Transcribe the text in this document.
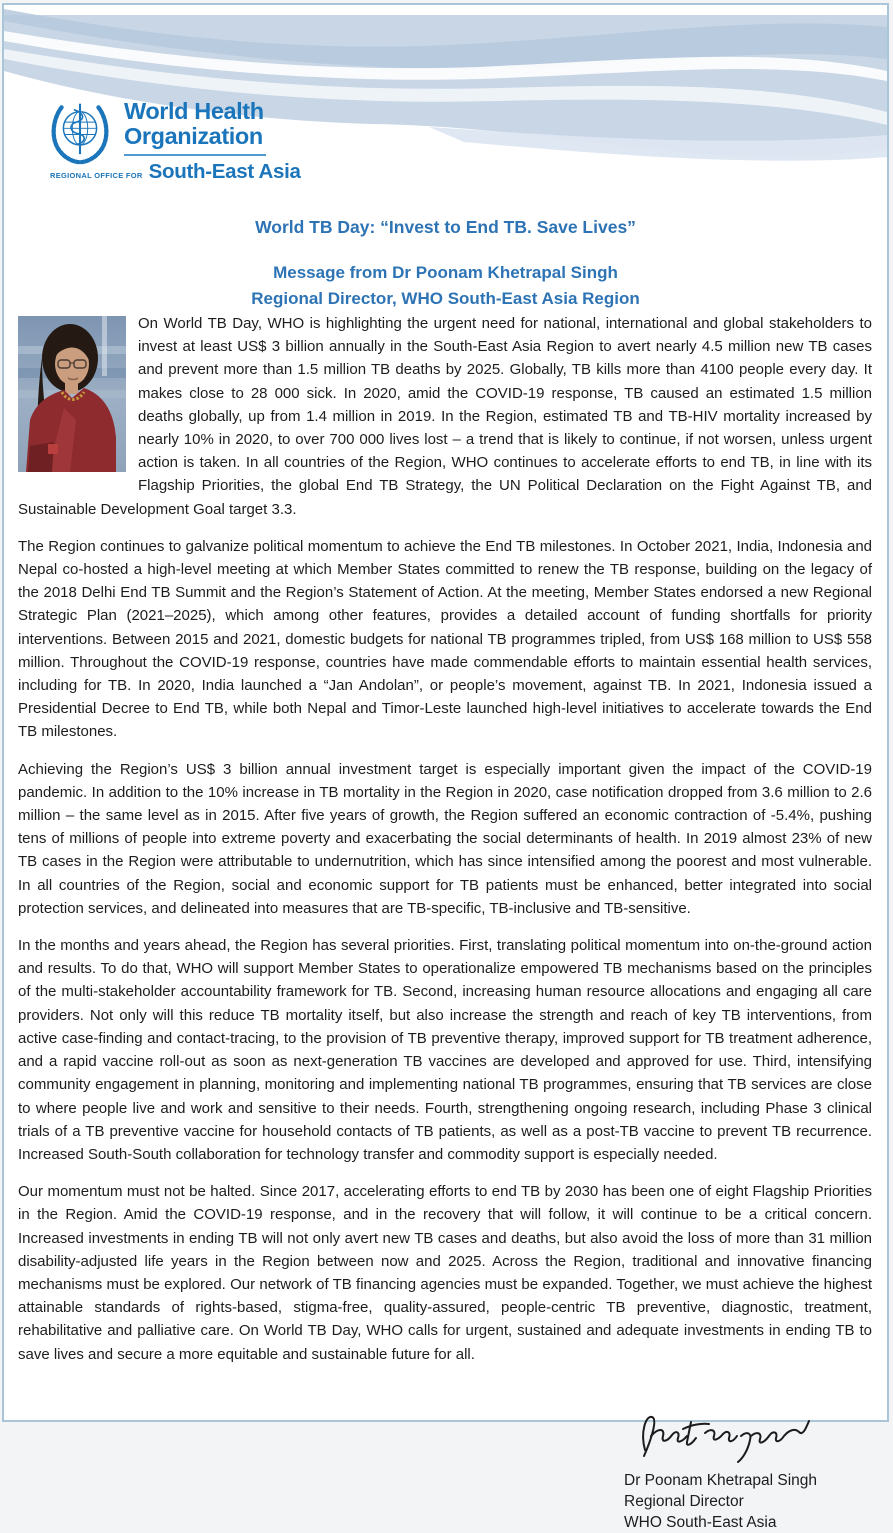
World Health
Organization
REGIONAL OFFICE FOR South-East Asia
World TB Day: “Invest to End TB. Save Lives”
Message from Dr Poonam Khetrapal Singh
Regional Director, WHO South-East Asia Region
On World TB Day, WHO is highlighting the urgent need for national, international and global stakeholders to invest at least US$ 3 billion annually in the South-East Asia Region to avert nearly 4.5 million new TB cases and prevent more than 1.5 million TB deaths by 2025. Globally, TB kills more than 4100 people every day. It makes close to 28 000 sick. In 2020, amid the COVID-19 response, TB caused an estimated 1.5 million deaths globally, up from 1.4 million in 2019. In the Region, estimated TB and TB-HIV mortality increased by nearly 10% in 2020, to over 700 000 lives lost – a trend that is likely to continue, if not worsen, unless urgent action is taken. In all countries of the Region, WHO continues to accelerate efforts to end TB, in line with its Flagship Priorities, the global End TB Strategy, the UN Political Declaration on the Fight Against TB, and Sustainable Development Goal target 3.3.

The Region continues to galvanize political momentum to achieve the End TB milestones. In October 2021, India, Indonesia and Nepal co-hosted a high-level meeting at which Member States committed to renew the TB response, building on the legacy of the 2018 Delhi End TB Summit and the Region’s Statement of Action. At the meeting, Member States endorsed a new Regional Strategic Plan (2021–2025), which among other features, provides a detailed account of funding shortfalls for priority interventions. Between 2015 and 2021, domestic budgets for national TB programmes tripled, from US$ 168 million to US$ 558 million. Throughout the COVID-19 response, countries have made commendable efforts to maintain essential health services, including for TB. In 2020, India launched a “Jan Andolan”, or people’s movement, against TB. In 2021, Indonesia issued a Presidential Decree to End TB, while both Nepal and Timor-Leste launched high-level initiatives to accelerate towards the End TB milestones.

Achieving the Region’s US$ 3 billion annual investment target is especially important given the impact of the COVID-19 pandemic. In addition to the 10% increase in TB mortality in the Region in 2020, case notification dropped from 3.6 million to 2.6 million – the same level as in 2015. After five years of growth, the Region suffered an economic contraction of -5.4%, pushing tens of millions of people into extreme poverty and exacerbating the social determinants of health. In 2019 almost 23% of new TB cases in the Region were attributable to undernutrition, which has since intensified among the poorest and most vulnerable. In all countries of the Region, social and economic support for TB patients must be enhanced, better integrated into social protection services, and delineated into measures that are TB-specific, TB-inclusive and TB-sensitive.

In the months and years ahead, the Region has several priorities. First, translating political momentum into on-the-ground action and results. To do that, WHO will support Member States to operationalize empowered TB mechanisms based on the principles of the multi-stakeholder accountability framework for TB. Second, increasing human resource allocations and engaging all care providers. Not only will this reduce TB mortality itself, but also increase the strength and reach of key TB interventions, from active case-finding and contact-tracing, to the provision of TB preventive therapy, improved support for TB treatment adherence, and a rapid vaccine roll-out as soon as next-generation TB vaccines are developed and approved for use. Third, intensifying community engagement in planning, monitoring and implementing national TB programmes, ensuring that TB services are close to where people live and work and sensitive to their needs. Fourth, strengthening ongoing research, including Phase 3 clinical trials of a TB preventive vaccine for household contacts of TB patients, as well as a post-TB vaccine to prevent TB recurrence. Increased South-South collaboration for technology transfer and commodity support is especially needed.

Our momentum must not be halted. Since 2017, accelerating efforts to end TB by 2030 has been one of eight Flagship Priorities in the Region. Amid the COVID-19 response, and in the recovery that will follow, it will continue to be a critical concern. Increased investments in ending TB will not only avert new TB cases and deaths, but also avoid the loss of more than 31 million disability-adjusted life years in the Region between now and 2025. Across the Region, traditional and innovative financing mechanisms must be explored. Our network of TB financing agencies must be expanded. Together, we must achieve the highest attainable standards of rights-based, stigma-free, quality-assured, people-centric TB preventive, diagnostic, treatment, rehabilitative and palliative care. On World TB Day, WHO calls for urgent, sustained and adequate investments in ending TB to save lives and secure a more equitable and sustainable future for all.

Dr Poonam Khetrapal Singh
Regional Director
WHO South-East Asia
